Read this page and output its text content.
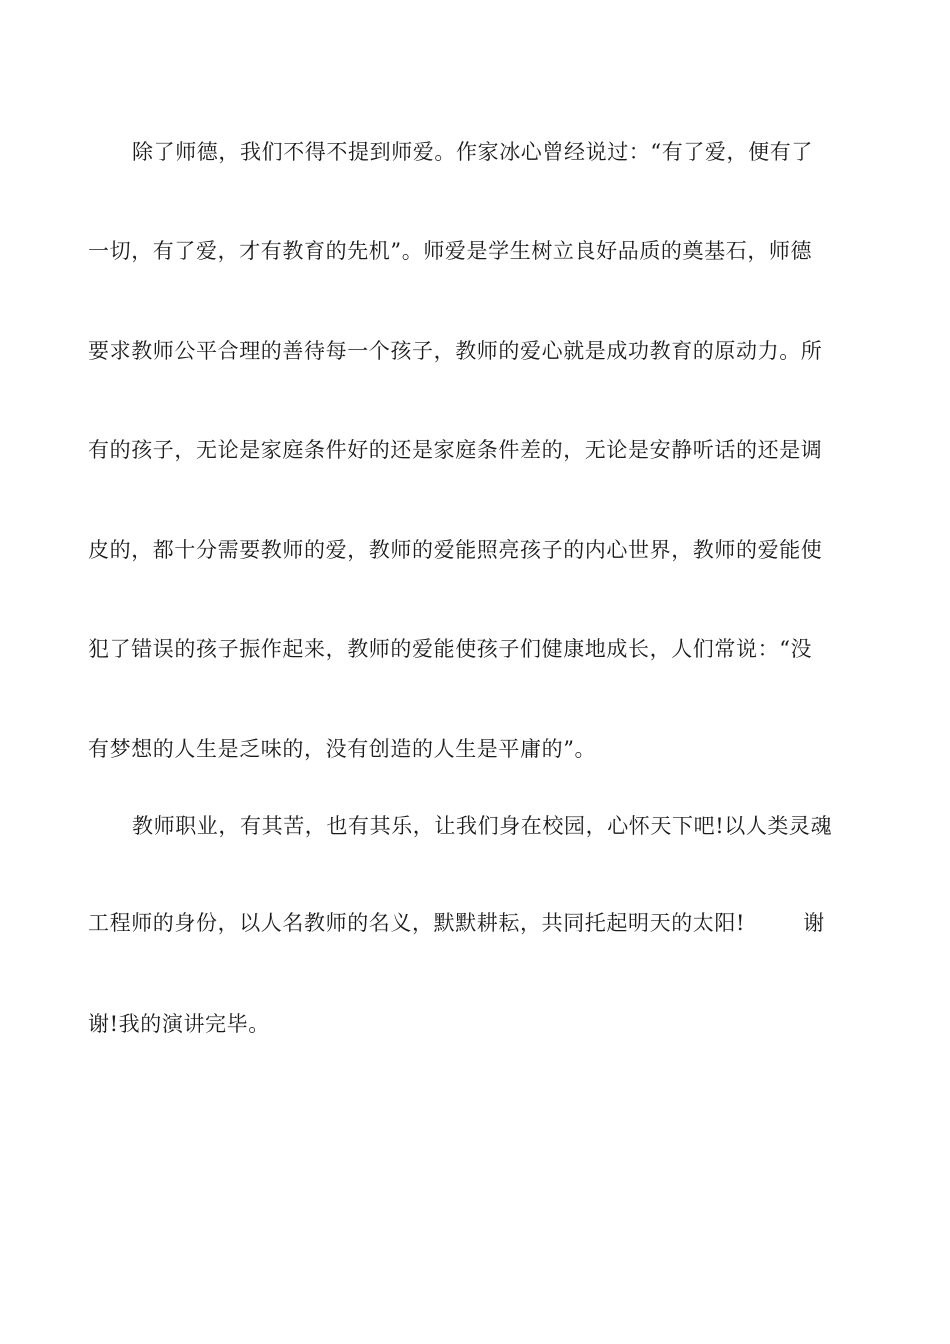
除了师德，我们不得不提到师爱。作家冰心曾经说过：“有了爱，便有了
一切，有了爱，才有教育的先机”。师爱是学生树立良好品质的奠基石，师德
要求教师公平合理的善待每一个孩子，教师的爱心就是成功教育的原动力。所
有的孩子，无论是家庭条件好的还是家庭条件差的，无论是安静听话的还是调
皮的，都十分需要教师的爱，教师的爱能照亮孩子的内心世界，教师的爱能使
犯了错误的孩子振作起来，教师的爱能使孩子们健康地成长，人们常说：“没
有梦想的人生是乏味的，没有创造的人生是平庸的”。
教师职业，有其苦，也有其乐，让我们身在校园，心怀天下吧!以人类灵魂
工程师的身份，以人名教师的名义，默默耕耘，共同托起明天的太阳!        谢
谢!我的演讲完毕。
